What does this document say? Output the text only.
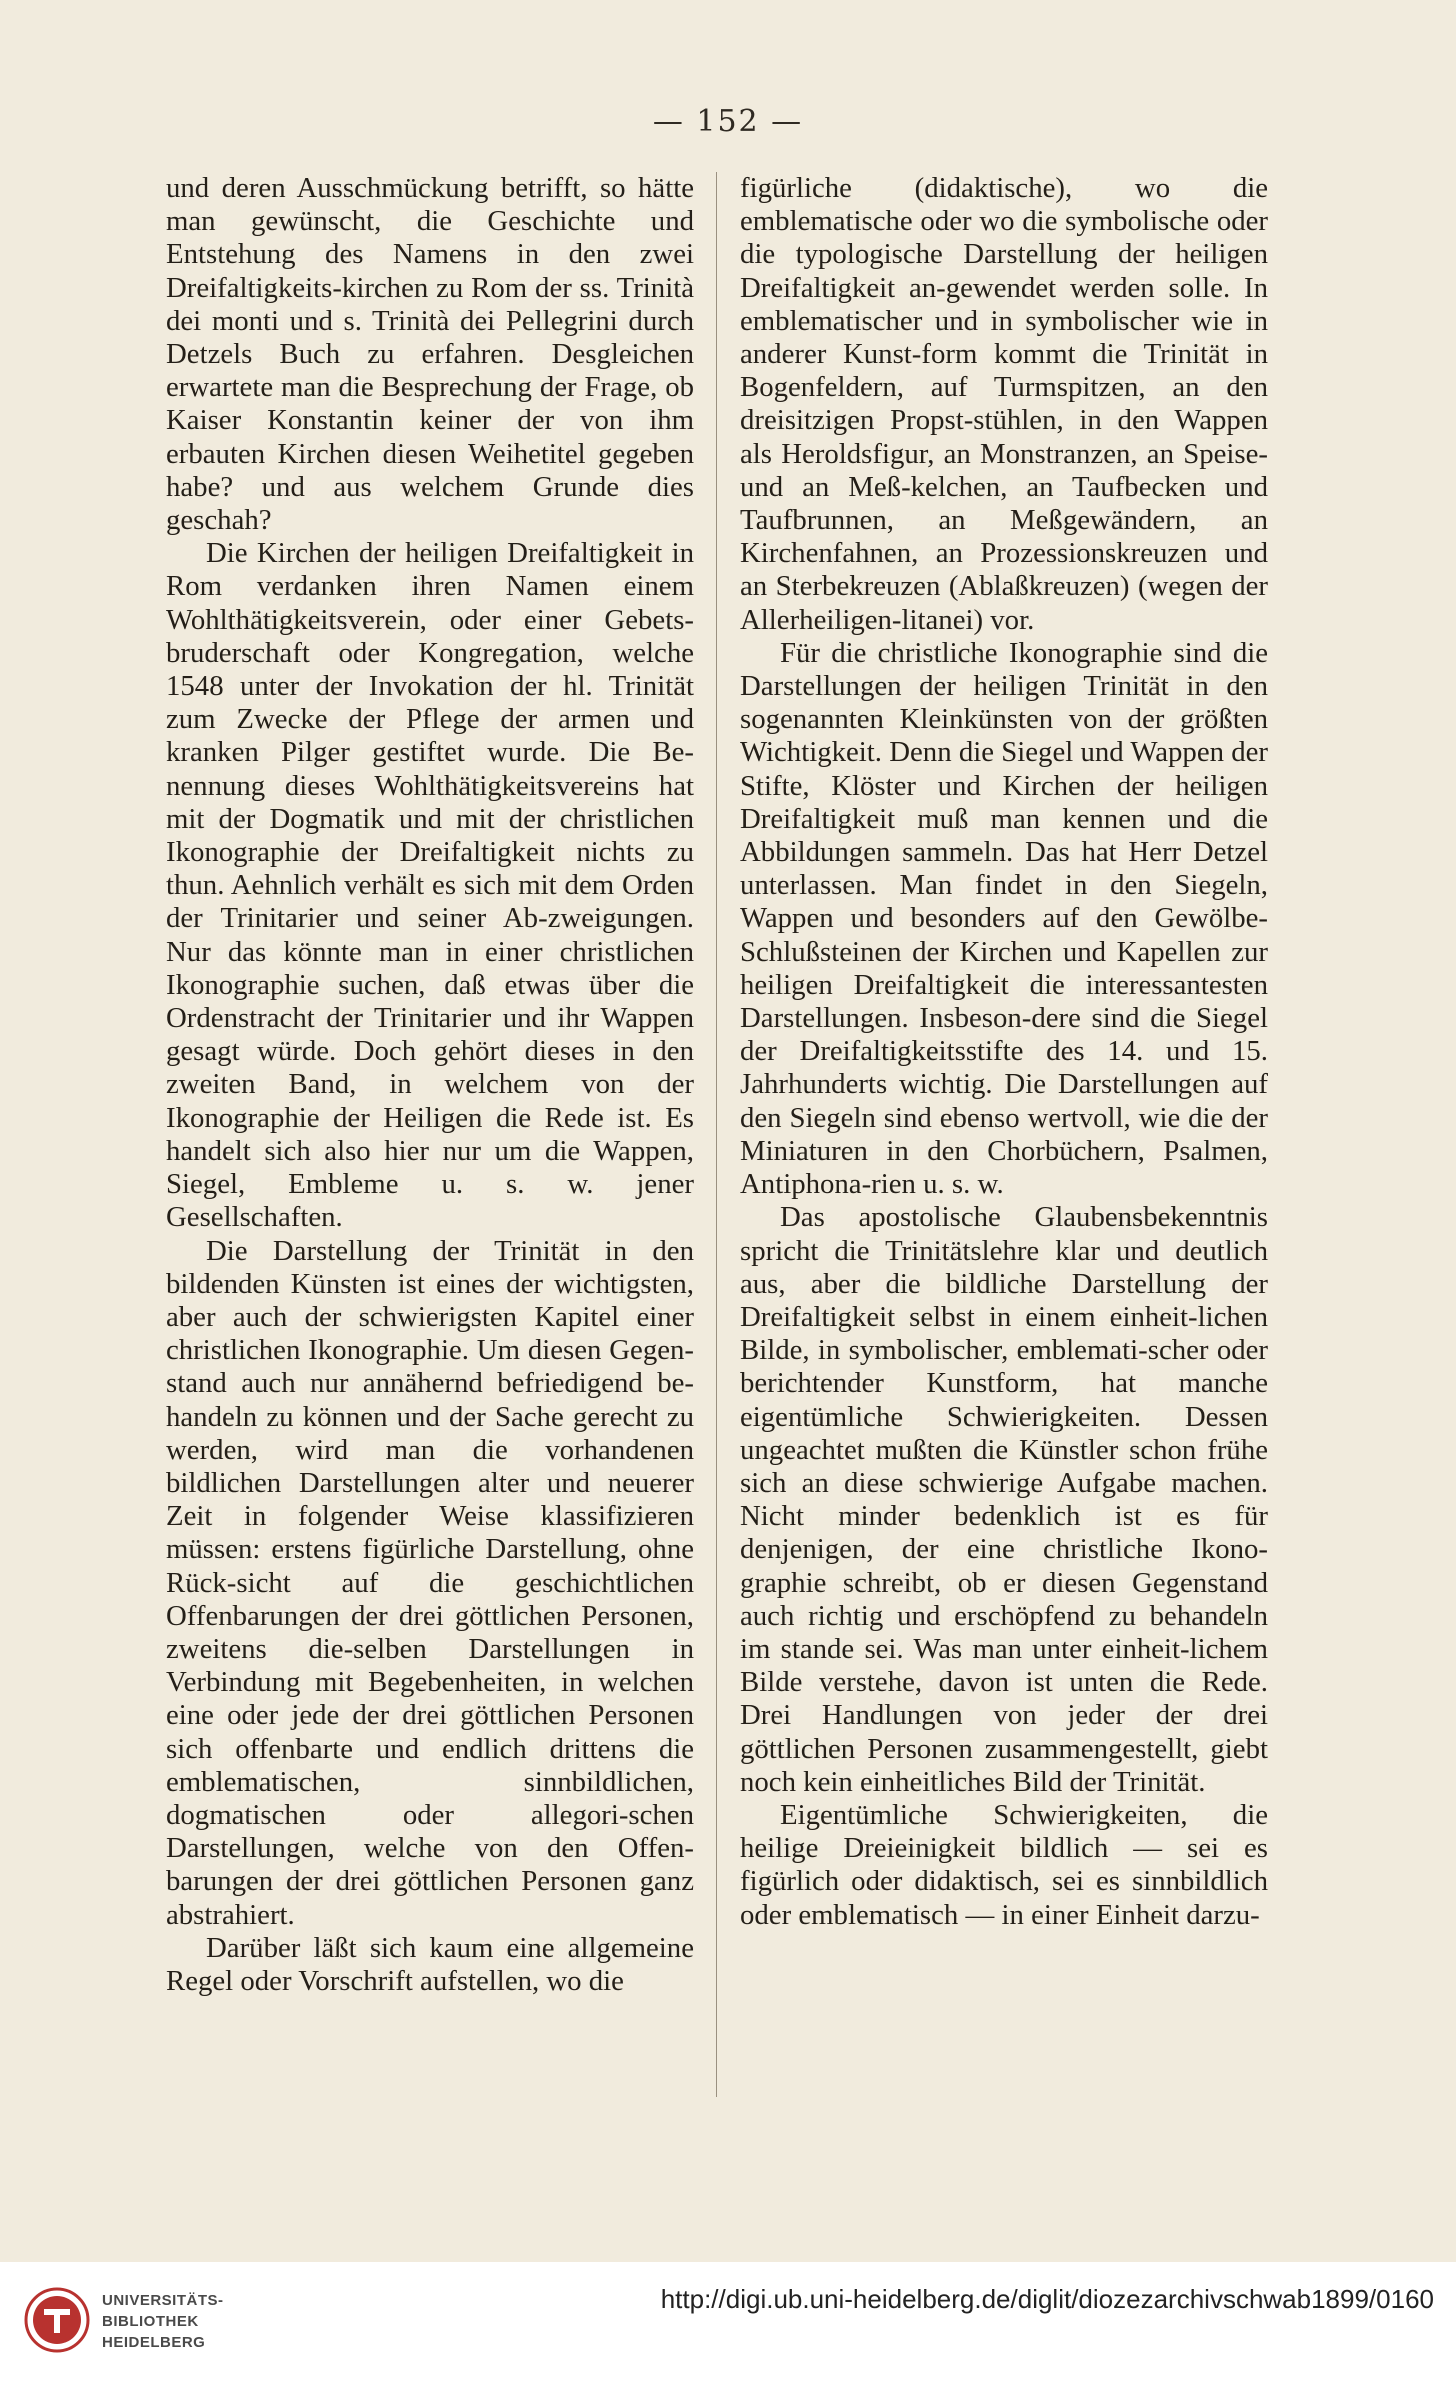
— 152 —

und deren Ausschmückung betrifft, so hätte man gewünscht, die Geschichte und Entstehung des Namens in den zwei Dreifaltigkeits-kirchen zu Rom der ss. Trinità dei monti und s. Trinità dei Pellegrini durch Detzels Buch zu erfahren. Desgleichen erwartete man die Besprechung der Frage, ob Kaiser Konstantin keiner der von ihm erbauten Kirchen diesen Weihetitel gegeben habe? und aus welchem Grunde dies geschah?

Die Kirchen der heiligen Dreifaltigkeit in Rom verdanken ihren Namen einem Wohlthätigkeitsverein, oder einer Gebets-bruderschaft oder Kongregation, welche 1548 unter der Invokation der hl. Trinität zum Zwecke der Pflege der armen und kranken Pilger gestiftet wurde. Die Be-nennung dieses Wohlthätigkeitsvereins hat mit der Dogmatik und mit der christlichen Ikonographie der Dreifaltigkeit nichts zu thun. Aehnlich verhält es sich mit dem Orden der Trinitarier und seiner Ab-zweigungen. Nur das könnte man in einer christlichen Ikonographie suchen, daß etwas über die Ordenstracht der Trinitarier und ihr Wappen gesagt würde. Doch gehört dieses in den zweiten Band, in welchem von der Ikonographie der Heiligen die Rede ist. Es handelt sich also hier nur um die Wappen, Siegel, Embleme u. s. w. jener Gesellschaften.

Die Darstellung der Trinität in den bildenden Künsten ist eines der wichtigsten, aber auch der schwierigsten Kapitel einer christlichen Ikonographie. Um diesen Gegen-stand auch nur annähernd befriedigend be-handeln zu können und der Sache gerecht zu werden, wird man die vorhandenen bildlichen Darstellungen alter und neuerer Zeit in folgender Weise klassifizieren müssen: erstens figürliche Darstellung, ohne Rück-sicht auf die geschichtlichen Offenbarungen der drei göttlichen Personen, zweitens die-selben Darstellungen in Verbindung mit Begebenheiten, in welchen eine oder jede der drei göttlichen Personen sich offenbarte und endlich drittens die emblematischen, sinnbildlichen, dogmatischen oder allegori-schen Darstellungen, welche von den Offen-barungen der drei göttlichen Personen ganz abstrahiert.

Darüber läßt sich kaum eine allgemeine Regel oder Vorschrift aufstellen, wo die

figürliche (didaktische), wo die emblematische oder wo die symbolische oder die typologische Darstellung der heiligen Dreifaltigkeit an-gewendet werden solle. In emblematischer und in symbolischer wie in anderer Kunst-form kommt die Trinität in Bogenfeldern, auf Turmspitzen, an den dreisitzigen Propst-stühlen, in den Wappen als Heroldsfigur, an Monstranzen, an Speise- und an Meß-kelchen, an Taufbecken und Taufbrunnen, an Meßgewändern, an Kirchenfahnen, an Prozessionskreuzen und an Sterbekreuzen (Ablaßkreuzen) (wegen der Allerheiligen-litanei) vor.

Für die christliche Ikonographie sind die Darstellungen der heiligen Trinität in den sogenannten Kleinkünsten von der größten Wichtigkeit. Denn die Siegel und Wappen der Stifte, Klöster und Kirchen der heiligen Dreifaltigkeit muß man kennen und die Abbildungen sammeln. Das hat Herr Detzel unterlassen. Man findet in den Siegeln, Wappen und besonders auf den Gewölbe- Schlußsteinen der Kirchen und Kapellen zur heiligen Dreifaltigkeit die interessantesten Darstellungen. Insbeson-dere sind die Siegel der Dreifaltigkeitsstifte des 14. und 15. Jahrhunderts wichtig. Die Darstellungen auf den Siegeln sind ebenso wertvoll, wie die der Miniaturen in den Chorbüchern, Psalmen, Antiphona-rien u. s. w.

Das apostolische Glaubensbekenntnis spricht die Trinitätslehre klar und deutlich aus, aber die bildliche Darstellung der Dreifaltigkeit selbst in einem einheit-lichen Bilde, in symbolischer, emblemati-scher oder berichtender Kunstform, hat manche eigentümliche Schwierigkeiten. Dessen ungeachtet mußten die Künstler schon frühe sich an diese schwierige Aufgabe machen. Nicht minder bedenklich ist es für denjenigen, der eine christliche Ikono-graphie schreibt, ob er diesen Gegenstand auch richtig und erschöpfend zu behandeln im stande sei. Was man unter einheit-lichem Bilde verstehe, davon ist unten die Rede. Drei Handlungen von jeder der drei göttlichen Personen zusammengestellt, giebt noch kein einheitliches Bild der Trinität.

Eigentümliche Schwierigkeiten, die heilige Dreieinigkeit bildlich — sei es figürlich oder didaktisch, sei es sinnbildlich oder emblematisch — in einer Einheit darzu-

UNIVERSITÄTS-
BIBLIOTHEK
HEIDELBERG
http://digi.ub.uni-heidelberg.de/diglit/diozezarchivschwab1899/0160
